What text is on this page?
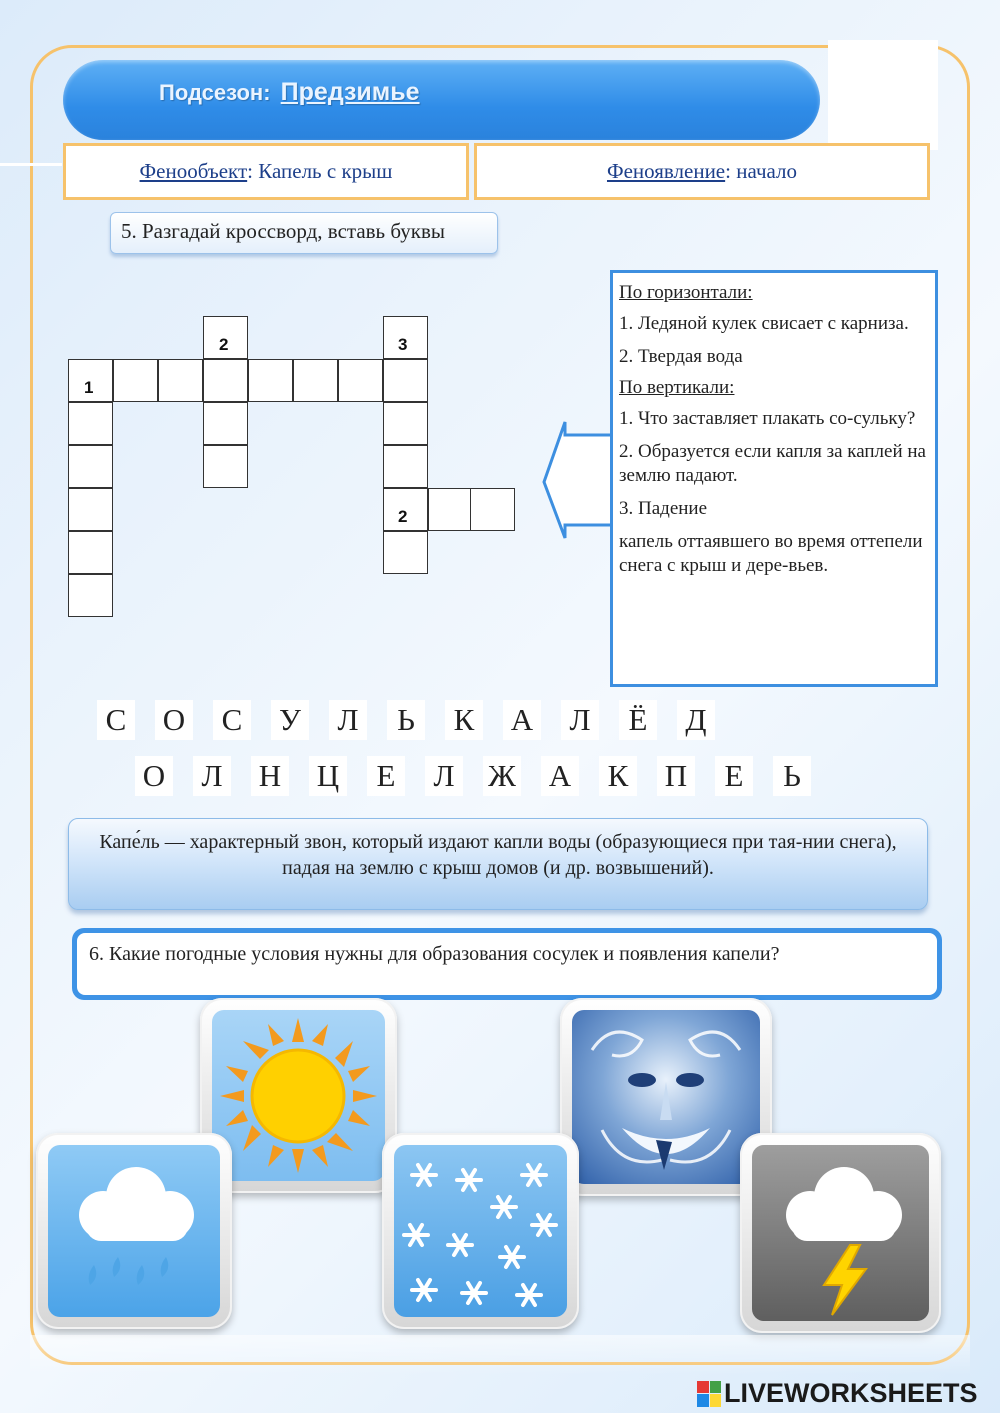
Подсезон: Предзимье
Фенообъект : Капель с крыш	Феноявление : начало
5. Разгадай кроссворд, вставь буквы
1
2	3
2

По горизонтали:

1. Ледяной кулек свисает с карниза.

2. Твердая вода

По вертикали:

1. Что заставляет плакать со-сульку?

2. Образуется если капля за каплей на землю падают.

3. Падение

капель оттаявшего во время оттепели снега с крыш и дере-вьев.

С О С У Л	Ь	К А Л	Ё	Д
О Л Н Ц	Е	Л Ж А К П	Е	Ь
Капе́ль — характерный звон, который издают капли воды (образующиеся при тая-нии снега), падая на землю с крыш домов (и др. возвышений).
6. Какие погодные условия нужны для образования сосулек и появления капели?
LIVEWORKSHEETS
